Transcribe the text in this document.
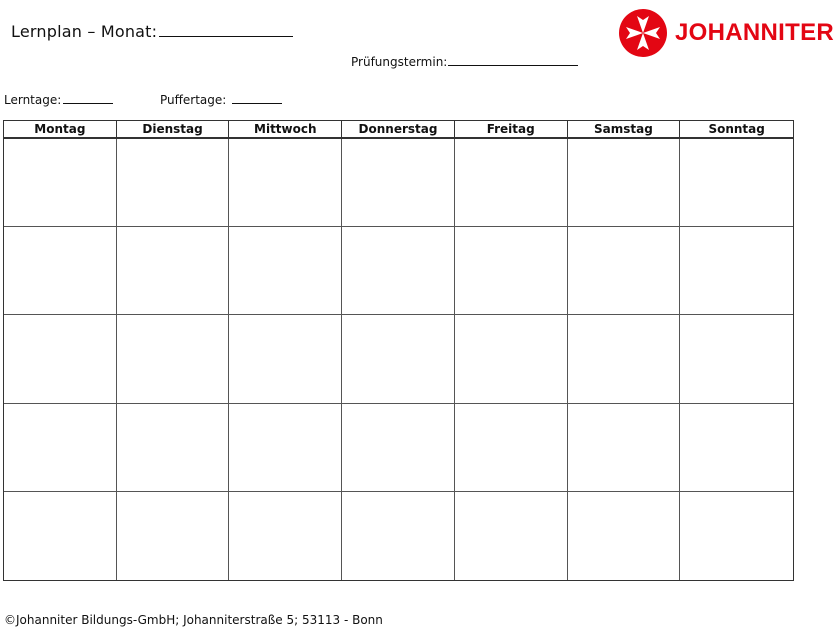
Lernplan – Monat:	JOHANNITER
Prüfungstermin:
Lerntage:	Puffertage:
Montag	Dienstag	Mittwoch	Donnerstag	Freitag	Samstag	Sonntag
©Johanniter Bildungs-GmbH; Johanniterstraße 5; 53113 - Bonn
